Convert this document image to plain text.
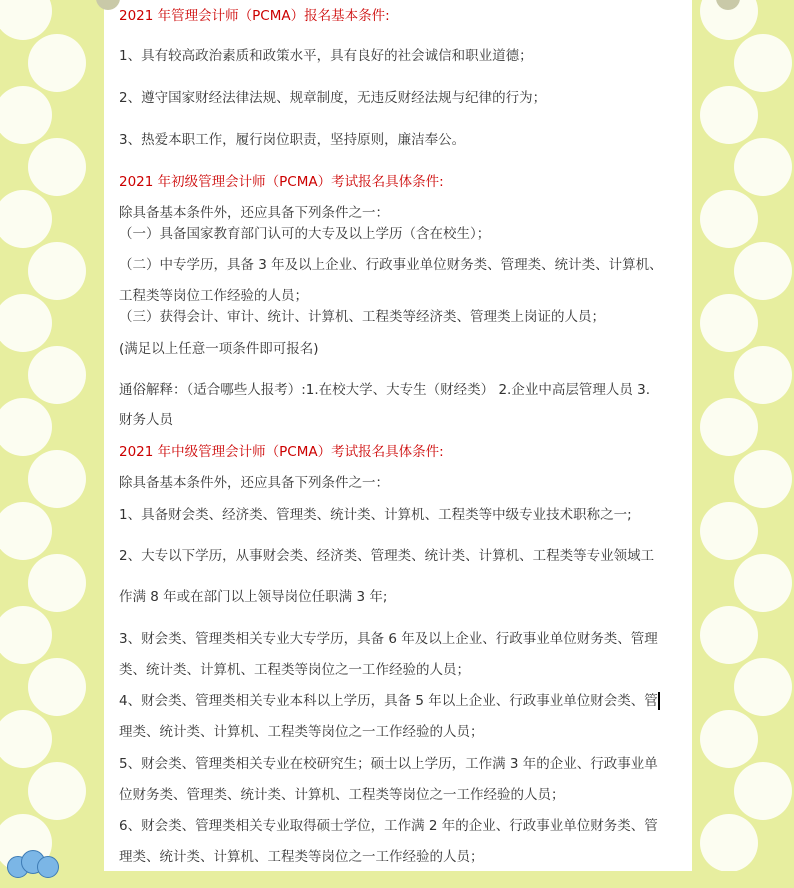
2021 年管理会计师（PCMA）报名基本条件:
1、具有较高政治素质和政策水平，具有良好的社会诚信和职业道德；
2、遵守国家财经法律法规、规章制度，无违反财经法规与纪律的行为；
3、热爱本职工作，履行岗位职责，坚持原则，廉洁奉公。
2021 年初级管理会计师（PCMA）考试报名具体条件:
除具备基本条件外，还应具备下列条件之一：
（一）具备国家教育部门认可的大专及以上学历（含在校生）；
（二）中专学历，具备 3 年及以上企业、行政事业单位财务类、管理类、统计类、计算机、
工程类等岗位工作经验的人员；
（三）获得会计、审计、统计、计算机、工程类等经济类、管理类上岗证的人员；
(满足以上任意一项条件即可报名)
通俗解释：（适合哪些人报考）:1.在校大学、大专生（财经类） 2.企业中高层管理人员 3.
财务人员
2021 年中级管理会计师（PCMA）考试报名具体条件:
除具备基本条件外，还应具备下列条件之一：
1、具备财会类、经济类、管理类、统计类、计算机、工程类等中级专业技术职称之一;
2、大专以下学历，从事财会类、经济类、管理类、统计类、计算机、工程类等专业领域工
作满 8 年或在部门以上领导岗位任职满 3 年;
3、财会类、管理类相关专业大专学历，具备 6 年及以上企业、行政事业单位财务类、管理
类、统计类、计算机、工程类等岗位之一工作经验的人员；
4、财会类、管理类相关专业本科以上学历，具备 5 年以上企业、行政事业单位财会类、管
理类、统计类、计算机、工程类等岗位之一工作经验的人员；
5、财会类、管理类相关专业在校研究生；硕士以上学历，工作满 3 年的企业、行政事业单
位财务类、管理类、统计类、计算机、工程类等岗位之一工作经验的人员；
6、财会类、管理类相关专业取得硕士学位，工作满 2 年的企业、行政事业单位财务类、管
理类、统计类、计算机、工程类等岗位之一工作经验的人员；
